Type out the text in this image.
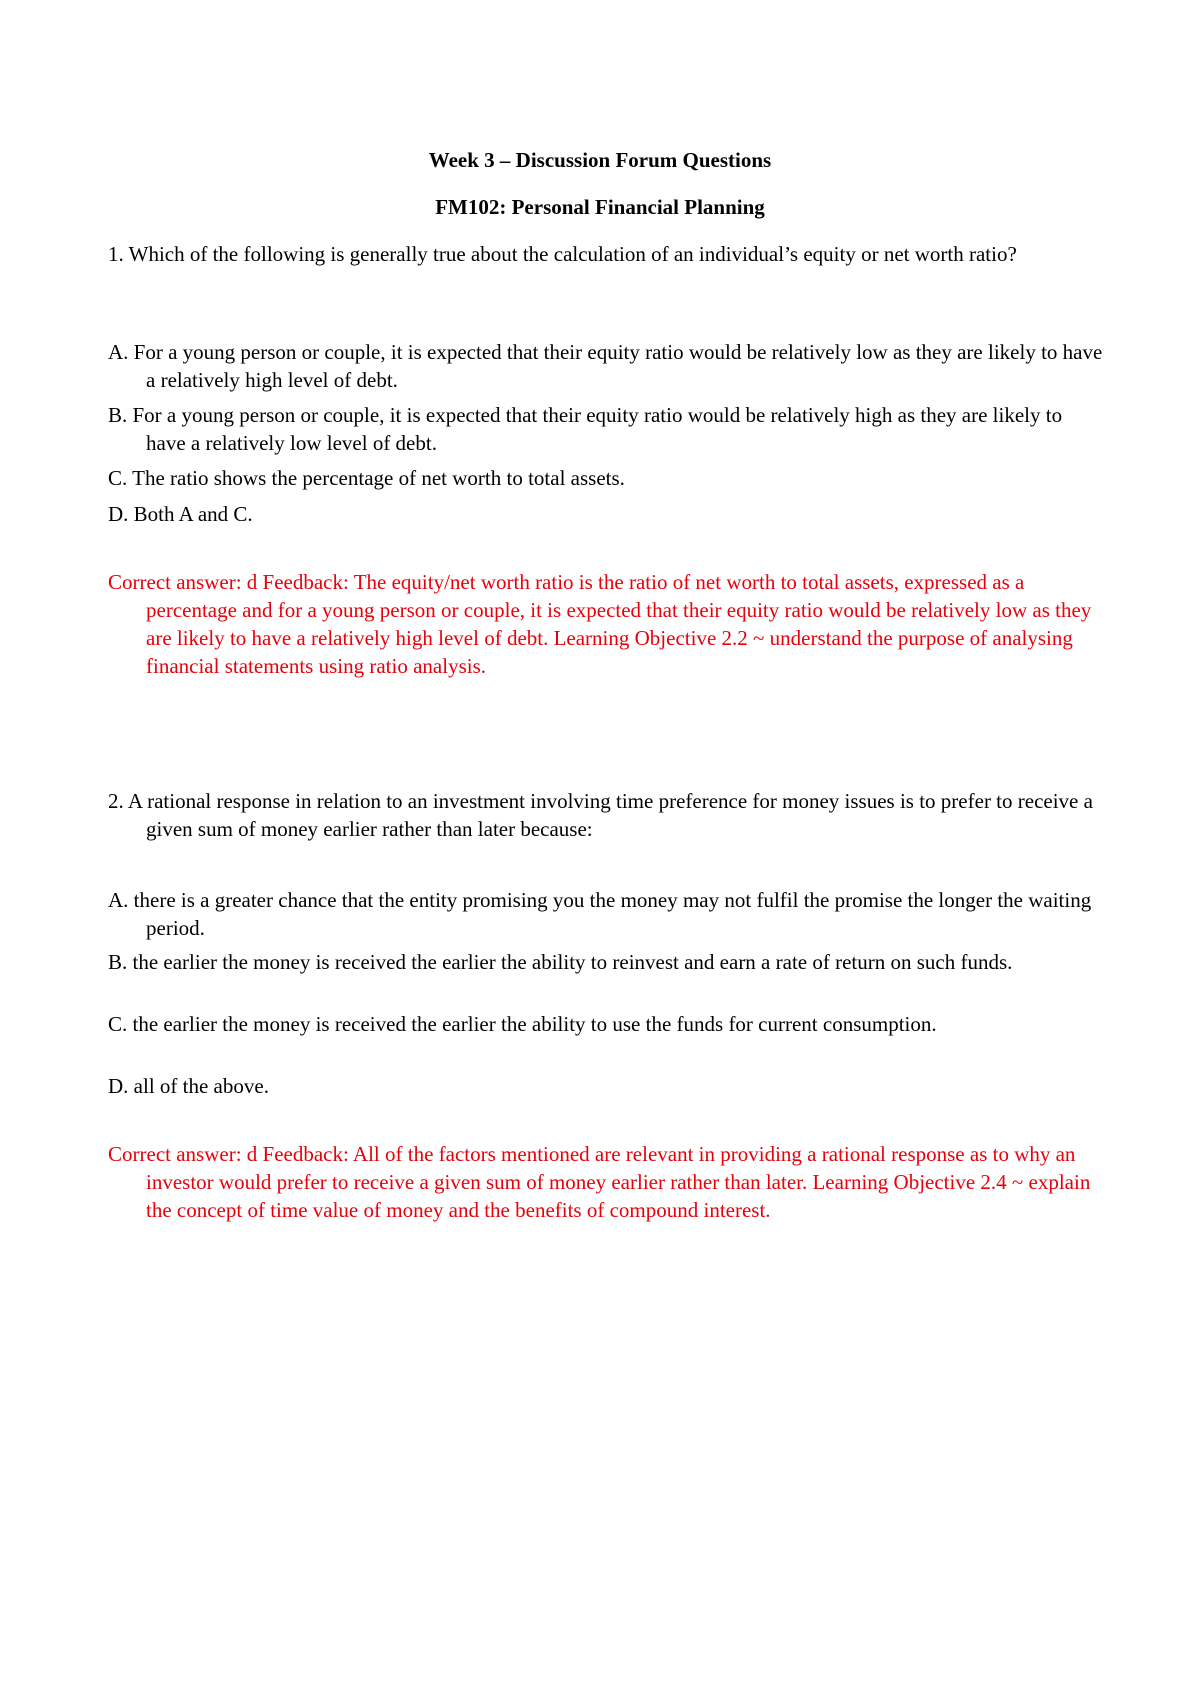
Week 3 – Discussion Forum Questions
FM102: Personal Financial Planning
1. Which of the following is generally true about the calculation of an individual’s equity or net worth ratio?
A. For a young person or couple, it is expected that their equity ratio would be relatively low as they are likely to have a relatively high level of debt.
B. For a young person or couple, it is expected that their equity ratio would be relatively high as they are likely to have a relatively low level of debt.
C. The ratio shows the percentage of net worth to total assets.
D. Both A and C.
Correct answer: d Feedback: The equity/net worth ratio is the ratio of net worth to total assets, expressed as a percentage and for a young person or couple, it is expected that their equity ratio would be relatively low as they are likely to have a relatively high level of debt. Learning Objective 2.2 ~ understand the purpose of analysing financial statements using ratio analysis.
2. A rational response in relation to an investment involving time preference for money issues is to prefer to receive a given sum of money earlier rather than later because:
A. there is a greater chance that the entity promising you the money may not fulfil the promise the longer the waiting period.
B. the earlier the money is received the earlier the ability to reinvest and earn a rate of return on such funds.
C. the earlier the money is received the earlier the ability to use the funds for current consumption.
D. all of the above.
Correct answer: d Feedback: All of the factors mentioned are relevant in providing a rational response as to why an investor would prefer to receive a given sum of money earlier rather than later. Learning Objective 2.4 ~ explain the concept of time value of money and the benefits of compound interest.
